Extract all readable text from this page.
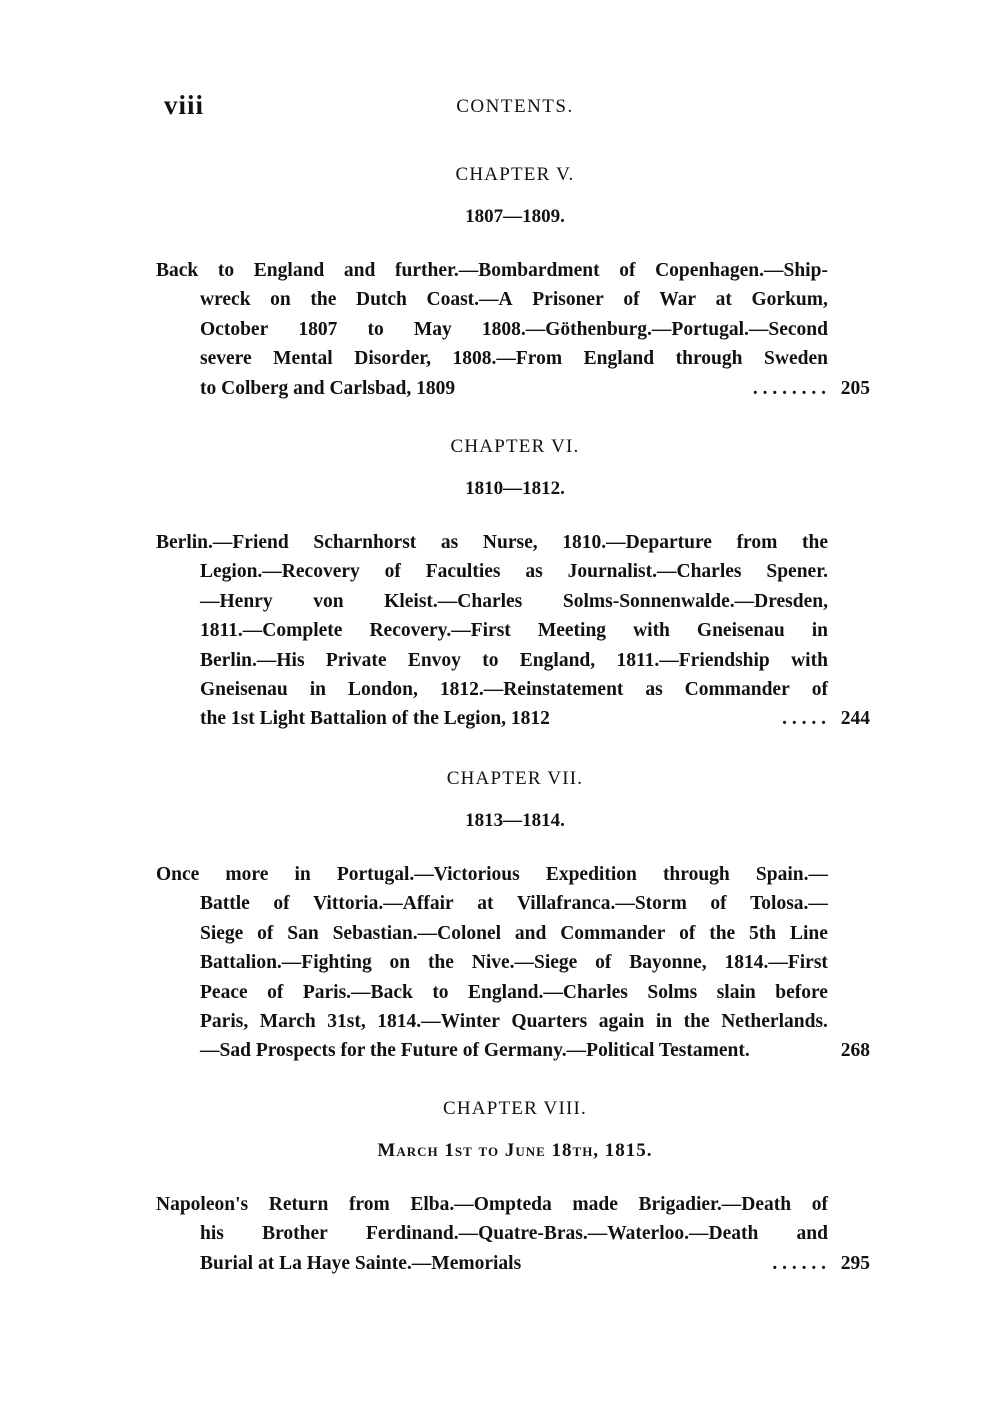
viii	CONTENTS.
CHAPTER V.
1807—1809.
Back to England and further.—Bombardment of Copenhagen.—Ship-
wreck on the Dutch Coast.—A Prisoner of War at Gorkum,
October 1807 to May 1808.—Göthenburg.—Portugal.—Second
severe Mental Disorder, 1808.—From England through Sweden
to Colberg and Carlsbad, 1809	. . . . . . . . 205
CHAPTER VI.
1810—1812.
Berlin.—Friend Scharnhorst as Nurse, 1810.—Departure from the
Legion.—Recovery of Faculties as Journalist.—Charles Spener.
—Henry von Kleist.—Charles Solms-Sonnenwalde.—Dresden,
1811.—Complete Recovery.—First Meeting with Gneisenau in
Berlin.—His Private Envoy to England, 1811.—Friendship with
Gneisenau in London, 1812.—Reinstatement as Commander of
the 1st Light Battalion of the Legion, 1812	. . . . . 244
CHAPTER VII.
1813—1814.
Once more in Portugal.—Victorious Expedition through Spain.—
Battle of Vittoria.—Affair at Villafranca.—Storm of Tolosa.—
Siege of San Sebastian.—Colonel and Commander of the 5th Line
Battalion.—Fighting on the Nive.—Siege of Bayonne, 1814.—First
Peace of Paris.—Back to England.—Charles Solms slain before
Paris, March 31st, 1814.—Winter Quarters again in the Netherlands.
—Sad Prospects for the Future of Germany.—Political Testament.	268
CHAPTER VIII.
March 1st to June 18th, 1815.
Napoleon's Return from Elba.—Ompteda made Brigadier.—Death of
his Brother Ferdinand.—Quatre-Bras.—Waterloo.—Death and
Burial at La Haye Sainte.—Memorials	. . . . . . 295
